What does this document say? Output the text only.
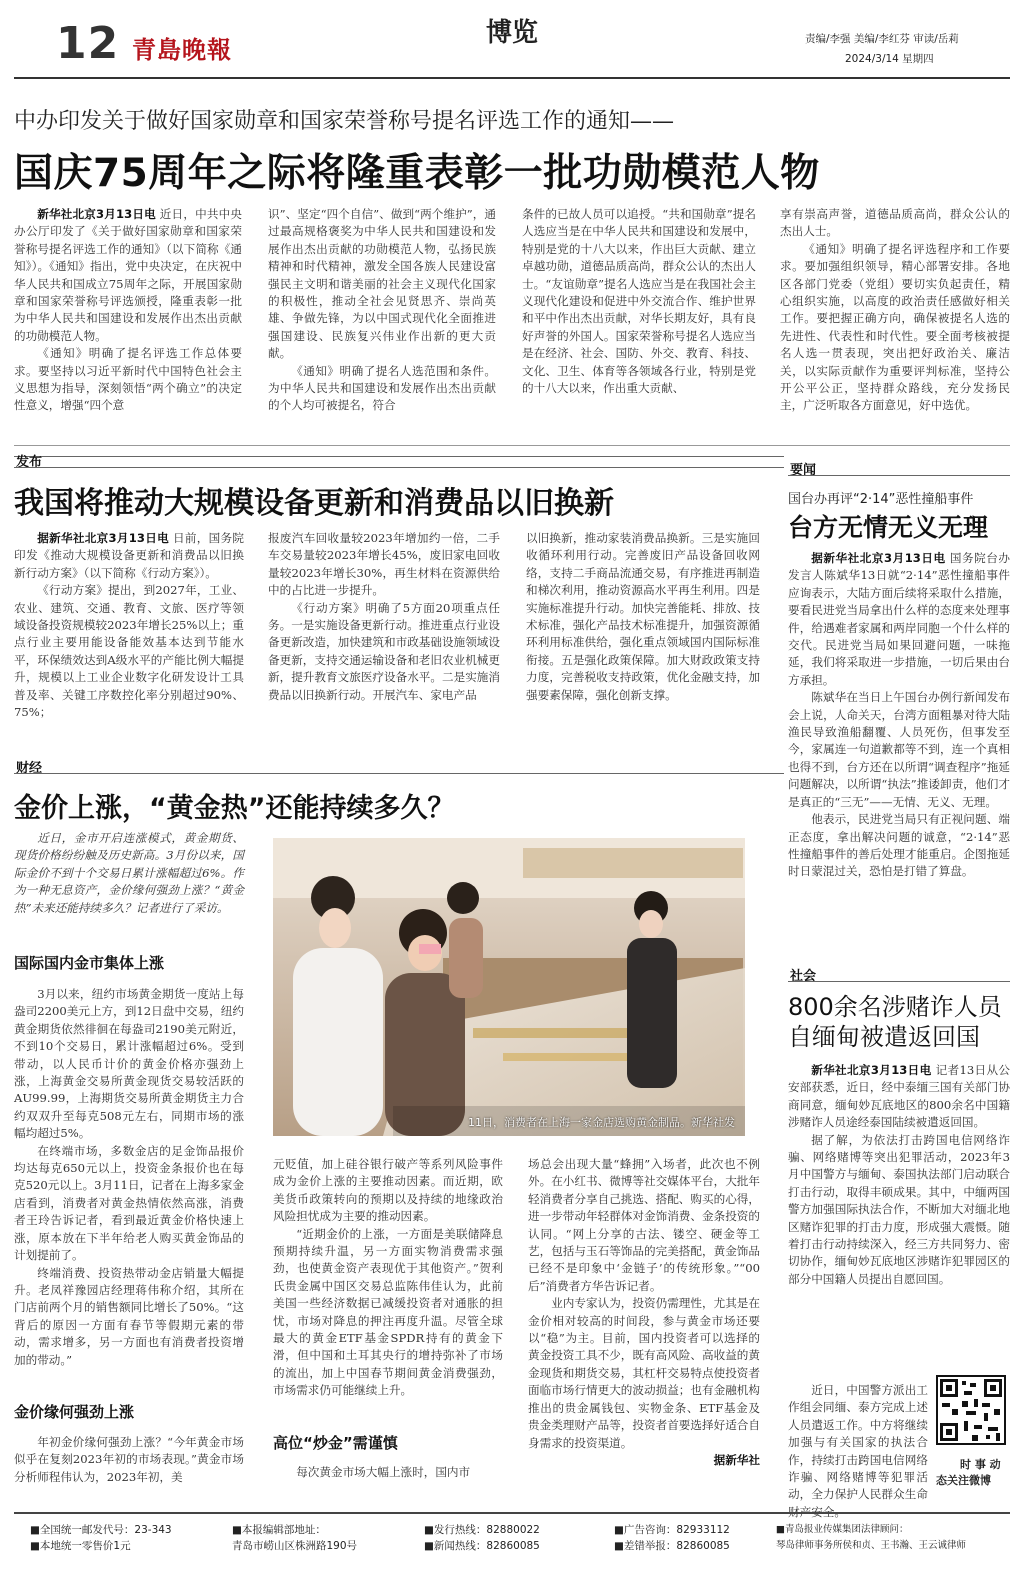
12 青島晚報
博览	责编/李强 美编/李红芬 审读/岳莉
2024/3/14 星期四
中办印发关于做好国家勋章和国家荣誉称号提名评选工作的通知——
国庆75周年之际将隆重表彰一批功勋模范人物

新华社北京3月13日电 近日，中共中央办公厅印发了《关于做好国家勋章和国家荣誉称号提名评选工作的通知》（以下简称《通知》）。《通知》指出，党中央决定，在庆祝中华人民共和国成立75周年之际，开展国家勋章和国家荣誉称号评选颁授，隆重表彰一批为中华人民共和国建设和发展作出杰出贡献的功勋模范人物。

《通知》明确了提名评选工作总体要求。要坚持以习近平新时代中国特色社会主义思想为指导，深刻领悟“两个确立”的决定性意义，增强“四个意

识”、坚定“四个自信”、做到“两个维护”，通过最高规格褒奖为中华人民共和国建设和发展作出杰出贡献的功勋模范人物，弘扬民族精神和时代精神，激发全国各族人民建设富强民主文明和谐美丽的社会主义现代化国家的积极性，推动全社会见贤思齐、崇尚英雄、争做先锋，为以中国式现代化全面推进强国建设、民族复兴伟业作出新的更大贡献。

《通知》明确了提名人选范围和条件。为中华人民共和国建设和发展作出杰出贡献的个人均可被提名，符合

条件的已故人员可以追授。“共和国勋章”提名人选应当是在中华人民共和国建设和发展中，特别是党的十八大以来，作出巨大贡献、建立卓越功勋，道德品质高尚，群众公认的杰出人士。“友谊勋章”提名人选应当是在我国社会主义现代化建设和促进中外交流合作、维护世界和平中作出杰出贡献，对华长期友好，具有良好声誉的外国人。国家荣誉称号提名人选应当是在经济、社会、国防、外交、教育、科技、文化、卫生、体育等各领域各行业，特别是党的十八大以来，作出重大贡献、

享有崇高声誉，道德品质高尚，群众公认的杰出人士。

《通知》明确了提名评选程序和工作要求。要加强组织领导，精心部署安排。各地区各部门党委（党组）要切实负起责任，精心组织实施，以高度的政治责任感做好相关工作。要把握正确方向，确保被提名人选的先进性、代表性和时代性。要全面考核被提名人选一贯表现，突出把好政治关、廉洁关，以实际贡献作为重要评判标准，坚持公开公平公正，坚持群众路线，充分发扬民主，广泛听取各方面意见，好中选优。

发布
我国将推动大规模设备更新和消费品以旧换新

据新华社北京3月13日电 日前，国务院印发《推动大规模设备更新和消费品以旧换新行动方案》（以下简称《行动方案》）。

《行动方案》提出，到2027年，工业、农业、建筑、交通、教育、文旅、医疗等领域设备投资规模较2023年增长25%以上；重点行业主要用能设备能效基本达到节能水平，环保绩效达到A级水平的产能比例大幅提升，规模以上工业企业数字化研发设计工具普及率、关键工序数控化率分别超过90%、75%；

报废汽车回收量较2023年增加约一倍，二手车交易量较2023年增长45%，废旧家电回收量较2023年增长30%，再生材料在资源供给中的占比进一步提升。

《行动方案》明确了5方面20项重点任务。一是实施设备更新行动。推进重点行业设备更新改造，加快建筑和市政基础设施领域设备更新，支持交通运输设备和老旧农业机械更新，提升教育文旅医疗设备水平。二是实施消费品以旧换新行动。开展汽车、家电产品

以旧换新，推动家装消费品换新。三是实施回收循环利用行动。完善废旧产品设备回收网络，支持二手商品流通交易，有序推进再制造和梯次利用，推动资源高水平再生利用。四是实施标准提升行动。加快完善能耗、排放、技术标准，强化产品技术标准提升，加强资源循环利用标准供给，强化重点领域国内国际标准衔接。五是强化政策保障。加大财政政策支持力度，完善税收支持政策，优化金融支持，加强要素保障，强化创新支撑。

要闻
国台办再评“2·14”恶性撞船事件
台方无情无义无理

据新华社北京3月13日电 国务院台办发言人陈斌华13日就“2·14”恶性撞船事件应询表示，大陆方面后续将采取什么措施，要看民进党当局拿出什么样的态度来处理事件，给遇难者家属和两岸同胞一个什么样的交代。民进党当局如果回避问题，一味拖延，我们将采取进一步措施，一切后果由台方承担。

陈斌华在当日上午国台办例行新闻发布会上说，人命关天，台湾方面粗暴对待大陆渔民导致渔船翻覆、人员死伤，但事发至今，家属连一句道歉都等不到，连一个真相也得不到，台方还在以所谓“调查程序”拖延问题解决，以所谓“执法”推诿卸责，他们才是真正的“三无”——无情、无义、无理。

他表示，民进党当局只有正视问题、端正态度，拿出解决问题的诚意，“2·14”恶性撞船事件的善后处理才能重启。企图拖延时日蒙混过关，恐怕是打错了算盘。

社会
800余名涉赌诈人员
自缅甸被遣返回国

新华社北京3月13日电 记者13日从公安部获悉，近日，经中泰缅三国有关部门协商同意，缅甸妙瓦底地区的800余名中国籍涉赌诈人员途经泰国陆续被遣返回国。

据了解，为依法打击跨国电信网络诈骗、网络赌博等突出犯罪活动，2023年3月中国警方与缅甸、泰国执法部门启动联合打击行动，取得丰硕成果。其中，中缅两国警方加强国际执法合作，不断加大对缅北地区赌诈犯罪的打击力度，形成强大震慑。随着打击行动持续深入，经三方共同努力、密切协作，缅甸妙瓦底地区涉赌诈犯罪园区的部分中国籍人员提出自愿回国。

近日，中国警方派出工作组会同缅、泰方完成上述人员遣返工作。中方将继续加强与有关国家的执法合作，持续打击跨国电信网络诈骗、网络赌博等犯罪活动，全力保护人民群众生命财产安全。

时 事 动
态关注微博
财经
金价上涨，“黄金热”还能持续多久？
近日，金市开启连涨模式，黄金期货、现货价格纷纷触及历史新高。3月份以来，国际金价不到十个交易日累计涨幅超过6%。作为一种无息资产，金价缘何强劲上涨？“黄金热”未来还能持续多久？记者进行了采访。
国际国内金市集体上涨

3月以来，纽约市场黄金期货一度站上每盎司2200美元上方，到12日盘中交易，纽约黄金期货依然徘徊在每盎司2190美元附近，不到10个交易日，累计涨幅超过6%。受到带动，以人民币计价的黄金价格亦强劲上涨，上海黄金交易所黄金现货交易较活跃的AU99.99，上海期货交易所黄金期货主力合约双双升至每克508元左右，同期市场的涨幅均超过5%。

在终端市场，多数金店的足金饰品报价均达每克650元以上，投资金条报价也在每克520元以上。3月11日，记者在上海多家金店看到，消费者对黄金热情依然高涨，消费者王玲告诉记者，看到最近黄金价格快速上涨，原本放在下半年给老人购买黄金饰品的计划提前了。

终端消费、投资热带动金店销量大幅提升。老凤祥豫园店经理蒋伟称介绍，其所在门店前两个月的销售额同比增长了50%。“这背后的原因一方面有春节等假期元素的带动，需求增多，另一方面也有消费者投资增加的带动。”

金价缘何强劲上涨

年初金价缘何强劲上涨？“今年黄金市场似乎在复刻2023年初的市场表现。”黄金市场分析师程伟认为，2023年初，美

11日，消费者在上海一家金店选购黄金制品。新华社发

元贬值，加上硅谷银行破产等系列风险事件成为金价上涨的主要推动因素。而近期，欧美货币政策转向的预期以及持续的地缘政治风险担忧成为主要的推动因素。

“近期金价的上涨，一方面是美联储降息预期持续升温，另一方面实物消费需求强劲，也使黄金资产表现优于其他资产。”贺利氏贵金属中国区交易总监陈伟佳认为，此前美国一些经济数据已减缓投资者对通胀的担忧，市场对降息的押注再度升温。尽管全球最大的黄金ETF基金SPDR持有的黄金下滑，但中国和土耳其央行的增持弥补了市场的流出，加上中国春节期间黄金消费强劲，市场需求仍可能继续上升。

高位“炒金”需谨慎

每次黄金市场大幅上涨时，国内市

场总会出现大量“蜂拥”入场者，此次也不例外。在小红书、微博等社交媒体平台，大批年轻消费者分享自己挑选、搭配、购买的心得，进一步带动年轻群体对金饰消费、金条投资的认同。“网上分享的古法、镂空、硬金等工艺，包括与玉石等饰品的完美搭配，黄金饰品已经不是印象中‘金链子’的传统形象。”“00后”消费者方华告诉记者。

业内专家认为，投资仍需理性，尤其是在金价相对较高的时间段，参与黄金市场还要以“稳”为主。目前，国内投资者可以选择的黄金投资工具不少，既有高风险、高收益的黄金现货和期货交易，其杠杆交易特点使投资者面临市场行情更大的波动损益；也有金融机构推出的贵金属钱包、实物金条、ETF基金及贵金类理财产品等，投资者首要选择好适合自身需求的投资渠道。

据新华社

■全国统一邮发代号：23-343
■本地统一零售价1元
■本报编辑部地址：
青岛市崂山区株洲路190号
■发行热线：82880022
■新闻热线：82860085
■广告咨询：82933112
■差错举报：82860085
■青岛报业传媒集团法律顾问：
琴岛律师事务所侯和贞、王书瀚、王云诚律师
